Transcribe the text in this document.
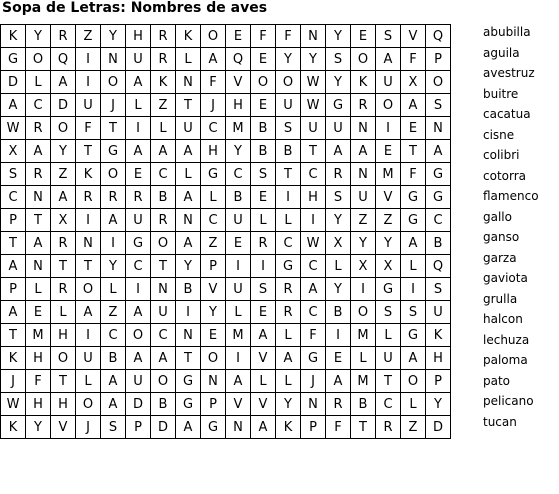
Sopa de Letras: Nombres de aves
K	Y	R	Z	Y	H	R	K	O	E	F	F	N	Y	E	S	V	Q
G	O	Q	I	N	U	R	L	A	Q	E	Y	Y	S	O	A	F	P
D	L	A	I	O	A	K	N	F	V	O	O	W	Y	K	U	X	O
A	C	D	U	J	L	Z	T	J	H	E	U	W	G	R	O	A	S
W	R	O	F	T	I	L	U	C	M	B	S	U	U	N	I	E	N
X	A	Y	T	G	A	A	A	H	Y	B	B	T	A	A	E	T	A
S	R	Z	K	O	E	C	L	G	C	S	T	C	R	N	M	F	G
C	N	A	R	R	R	B	A	L	B	E	I	H	S	U	V	G	G
P	T	X	I	A	U	R	N	C	U	L	L	I	Y	Z	Z	G	C
T	A	R	N	I	G	O	A	Z	E	R	C	W	X	Y	Y	A	B
A	N	T	T	Y	C	T	Y	P	I	I	G	C	L	X	X	L	Q
P	L	R	O	L	I	N	B	V	U	S	R	A	Y	I	G	I	S
A	E	L	A	Z	A	U	I	Y	L	E	R	C	B	O	S	S	U
T	M	H	I	C	O	C	N	E	M	A	L	F	I	M	L	G	K
K	H	O	U	B	A	A	T	O	I	V	A	G	E	L	U	A	H
J	F	T	L	A	U	O	G	N	A	L	L	J	A	M	T	O	P
W	H	H	O	A	D	B	G	P	V	V	Y	N	R	B	C	L	Y
K	Y	V	J	S	P	D	A	G	N	A	K	P	F	T	R	Z	D
abubilla
aguila
avestruz
buitre
cacatua
cisne
colibri
cotorra
flamenco
gallo
ganso
garza
gaviota
grulla
halcon
lechuza
paloma
pato
pelicano
tucan
